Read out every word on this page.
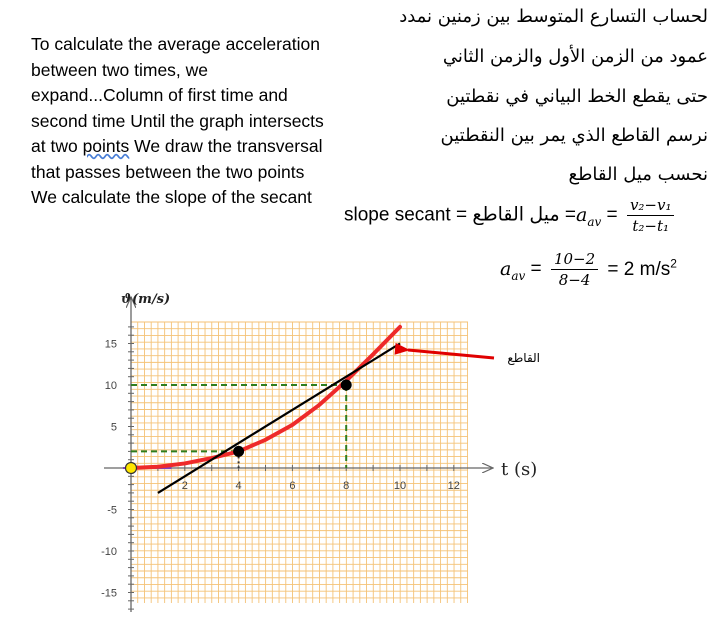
To calculate the average acceleration
between two times, we
expand...Column of first time and
second time Until the graph intersects
at two points We draw the transversal
that passes between the two points
We calculate the slope of the secant
لحساب التسارع المتوسط بين زمنين نمدد
عمود من الزمن الأول والزمن الثاني
حتى يقطع الخط البياني في نقطتين
نرسم القاطع الذي يمر بين النقطتين
نحسب ميل القاطع
slope secant = ميل القاطع $=a_{av} = \frac{\text{v₂−v₁}}{\text{t₂−t₁}}$
$a_{av} = \frac{10-2}{8-4} = 2$ $m/s^2$
2	4	6	8	10	12
15
10
5
-5
-10
-15
القاطع
ϑ(m/s)
t (s)
